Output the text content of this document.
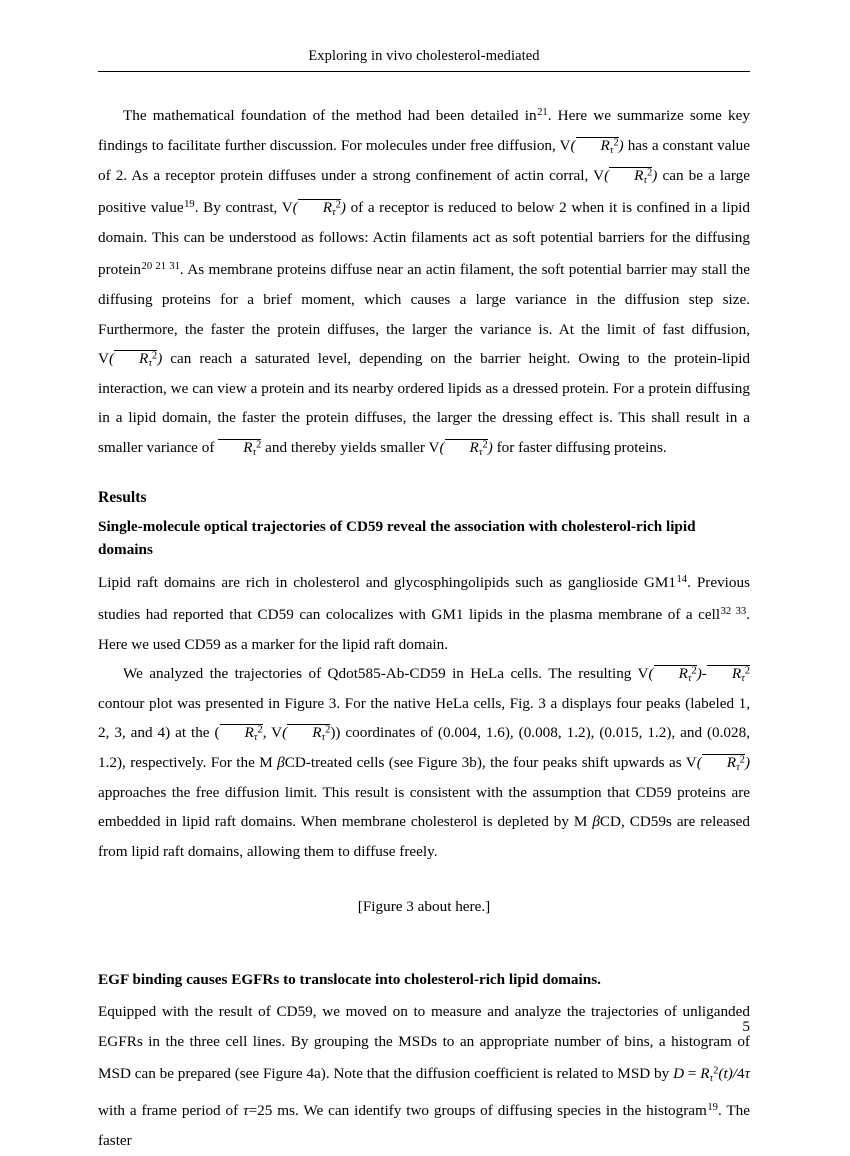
Exploring in vivo cholesterol-mediated

The mathematical foundation of the method had been detailed in$^{21}$. Here we summarize some key findings to facilitate further discussion. For molecules under free diffusion, V( $R_\tau^2$) has a constant value of 2. As a receptor protein diffuses under a strong confinement of actin corral, V( $R_\tau^2$) can be a large positive value$^{19}$. By contrast, V( $R_\tau^2$) of a receptor is reduced to below 2 when it is confined in a lipid domain. This can be understood as follows: Actin filaments act as soft potential barriers for the diffusing protein$^{20 21 31}$. As membrane proteins diffuse near an actin filament, the soft potential barrier may stall the diffusing proteins for a brief moment, which causes a large variance in the diffusion step size. Furthermore, the faster the protein diffuses, the larger the variance is. At the limit of fast diffusion, V( $R_\tau^2$) can reach a saturated level, depending on the barrier height. Owing to the protein-lipid interaction, we can view a protein and its nearby ordered lipids as a dressed protein. For a protein diffusing in a lipid domain, the faster the protein diffuses, the larger the dressing effect is. This shall result in a smaller variance of $R_\tau^2$ and thereby yields smaller V( $R_\tau^2$) for faster diffusing proteins.

Results
Single-molecule optical trajectories of CD59 reveal the association with cholesterol-rich lipid domains

Lipid raft domains are rich in cholesterol and glycosphingolipids such as ganglioside GM1$^{14}$. Previous studies had reported that CD59 can colocalizes with GM1 lipids in the plasma membrane of a cell$^{32 33}$. Here we used CD59 as a marker for the lipid raft domain.

We analyzed the trajectories of Qdot585-Ab-CD59 in HeLa cells. The resulting V( $R_\tau^2)-$ $R_\tau^2$ contour plot was presented in Figure 3. For the native HeLa cells, Fig. 3 a displays four peaks (labeled 1, 2, 3, and 4) at the ( $R_\tau^2$, V( $R_\tau^2$)) coordinates of (0.004, 1.6), (0.008, 1.2), (0.015, 1.2), and (0.028, 1.2), respectively. For the M βCD-treated cells (see Figure 3b), the four peaks shift upwards as V( $R_\tau^2$) approaches the free diffusion limit. This result is consistent with the assumption that CD59 proteins are embedded in lipid raft domains. When membrane cholesterol is depleted by M βCD, CD59s are released from lipid raft domains, allowing them to diffuse freely.

[Figure 3 about here.]

EGF binding causes EGFRs to translocate into cholesterol-rich lipid domains.

Equipped with the result of CD59, we moved on to measure and analyze the trajectories of unliganded EGFRs in the three cell lines. By grouping the MSDs to an appropriate number of bins, a histogram of MSD can be prepared (see Figure 4a). Note that the diffusion coefficient is related to MSD by $D = R_\tau^2(t)/4\tau$ with a frame period of τ=25 ms. We can identify two groups of diffusing species in the histogram$^{19}$. The faster

5
